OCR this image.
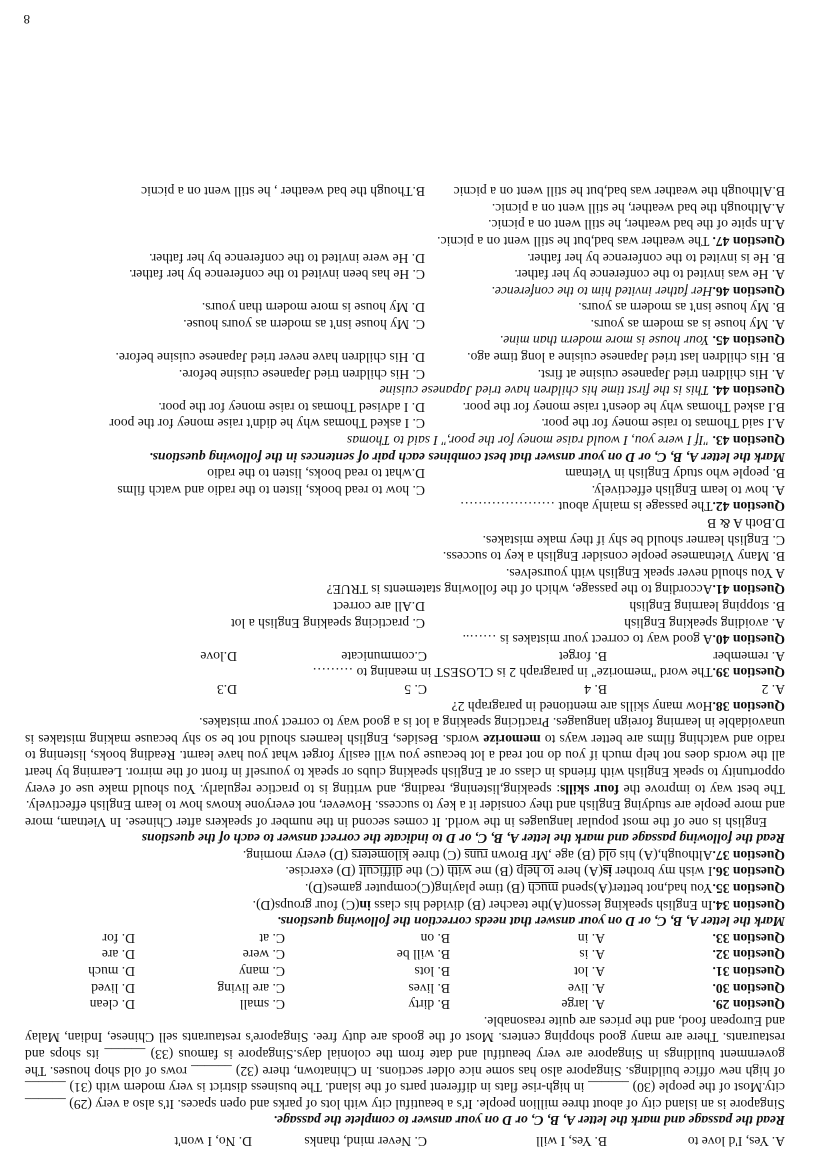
8
A. Yes, I'd love to
B. Yes, I will
C. Never mind, thanks
D. No, I won't
Read the passage and mark the letter A, B, C, or D on your answer to complete the passage.
Singapore is an island city of about three million people. It's a beautiful city with lots of parks and open spaces. It's also a very (29) ______ city.Most of the people (30) ______ in high-rise flats in different parts of the island. The business district is very modern with (31) ______ of high new office buildings. Singapore also has some nice older sections. In Chinatown, there (32) ______ rows of old shop houses. The government buildings in Singapore are very beautiful and date from the colonial days.Singapore is famous (33) ______ its shops and restaurants. There are many good shopping centers. Most of the goods are duty free. Singapore's restaurants sell Chinese, Indian, Malay and European food, and the prices are quite reasonable.
Question 29.
A. large
B. dirty
C. small
D. clean
Question 30.
A. live
B. lives
C. are living
D. lived
Question 31.
A. lot
B. lots
C. many
D. much
Question 32.
A. is
B. will be
C. were
D. are
Question 33.
A. in
B. on
C. at
D. for
Mark the letter A, B, C, or D on your answer that needs correction the following questions.
Question 34.In English speaking lesson(A)the teacher (B) divided his class in(C) four groups(D).
Question 35.You had,not better(A)spend much (B) time playing(C)computer games(D).
Question 36.I wish my brother is(A) here to help (B) me with (C) the difficult (D) exercise.
Question 37.Although,(A) his old (B) age ,Mr Brown runs (C) three kilometers (D) every morning.
Read the following passage and mark the letter A, B, C, or D to indicate the correct answer to each of the questions
English is one of the most popular languages in the world. It comes second in the number of speakers after Chinese. In Vietnam, more and more people are studying English and they consider it a key to success. However, not everyone knows how to learn English effectively.
The best way to improve the four skills: speaking,listening, reading, and writing is to practice regularly. You should make use of every opportunity to speak English with friends in class or at English speaking clubs or speak to yourself in front of the mirror. Learning by heart all the words does not help much if you do not read a lot because you will easily forget what you have learnt. Reading books, listening to radio and watching films are better ways to memorize words. Besides, English learners should not be so shy because making mistakes is unavoidable in learning foreign languages. Practicing speaking a lot is a good way to correct your mistakes.
Question 38.How many skills are mentioned in paragraph 2?
A. 2
B. 4
C. 5
D.3
Question 39.The word "memorize" in paragraph 2 is CLOSEST in meaning to ………
A. remember
B. forget
C.communicate
D.love
Question 40.A good way to correct your mistakes is ……..
A. avoiding speaking English
C. practicing speaking English a lot
B. stopping learning English
D.All are correct
Question 41.According to the passage, which of the following statements is TRUE?
A You should never speak English with yourselves.
B. Many Vietnamese people consider English a key to success.
C. English learner should be shy if they make mistakes.
D.Both A & B
Question 42.The passage is mainly about …………………
A. how to learn English effectively.
C. how to read books, listen to the radio and watch films
B. people who study English in Vietnam
D.what to read books, listen to the radio
Mark the letter A, B, C, or D on your answer that best combines each pair of sentences in the following questions.
Question 43. "If I were you, I would raise money for the poor," I said to Thomas
A.I said Thomas to raise money for the poor.
C. I asked Thomas why he didn't raise money for the poor
B.I asked Thomas why he doesn't raise money for the poor.
D. I advised Thomas to raise money for the poor.
Question 44. This is the first time his children have tried Japanese cuisine
A. His children tried Japanese cuisine at first.
C. His children tried Japanese cuisine before.
B. His children last tried Japanese cuisine a long time ago.
D. His children have never tried Japanese cuisine before.
Question 45. Your house is more modern than mine.
A. My house is as modern as yours.
C. My house isn't as modern as yours house.
B. My house isn't as modern as yours.
D. My house is more modern than yours.
Question 46.Her father invited him to the conference.
A. He was invited to the conference by her father.
C. He has been invited to the conference by her father.
B. He is invited to the conference by her father.
D. He were invited to the conference by her father.
Question 47. The weather was bad,but he still went on a picnic.
A.In spite of the bad weather, he still went on a picnic.
A.Although the bad weather, he still went on a picnic.
B.Although the weather was bad,but he still went on a picnic
B.Though the bad weather , he still went on a picnic
